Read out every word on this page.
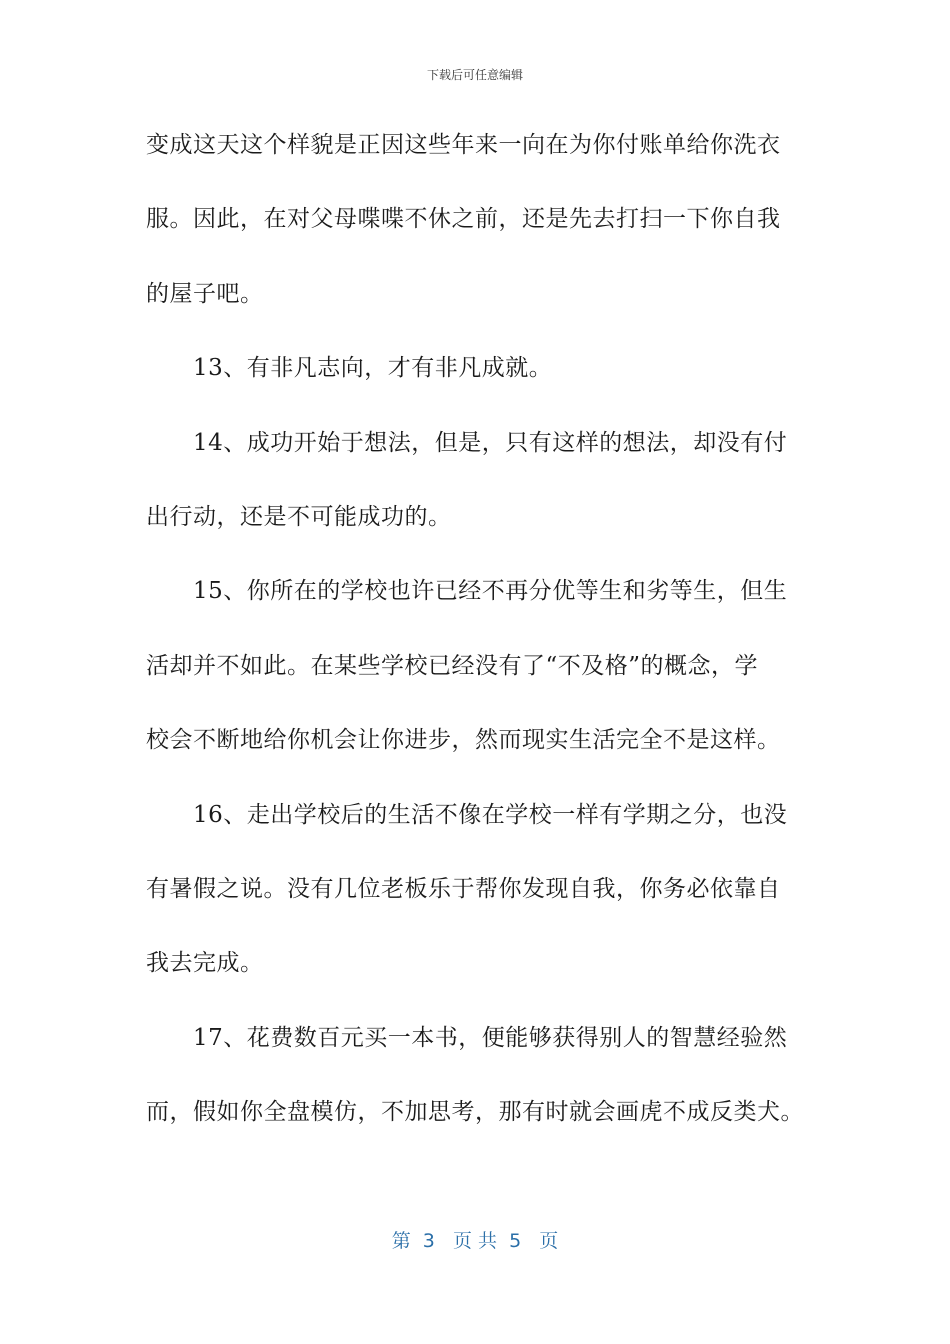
下载后可任意编辑
变成这天这个样貌是正因这些年来一向在为你付账单给你洗衣
服。因此，在对父母喋喋不休之前，还是先去打扫一下你自我
的屋子吧。
13、有非凡志向，才有非凡成就。
14、成功开始于想法，但是，只有这样的想法，却没有付
出行动，还是不可能成功的。
15、你所在的学校也许已经不再分优等生和劣等生，但生
活却并不如此。在某些学校已经没有了“不及格”的概念，学
校会不断地给你机会让你进步，然而现实生活完全不是这样。
16、走出学校后的生活不像在学校一样有学期之分，也没
有暑假之说。没有几位老板乐于帮你发现自我，你务必依靠自
我去完成。
17、花费数百元买一本书，便能够获得别人的智慧经验然
而，假如你全盘模仿，不加思考，那有时就会画虎不成反类犬。
第  3   页 共  5   页
